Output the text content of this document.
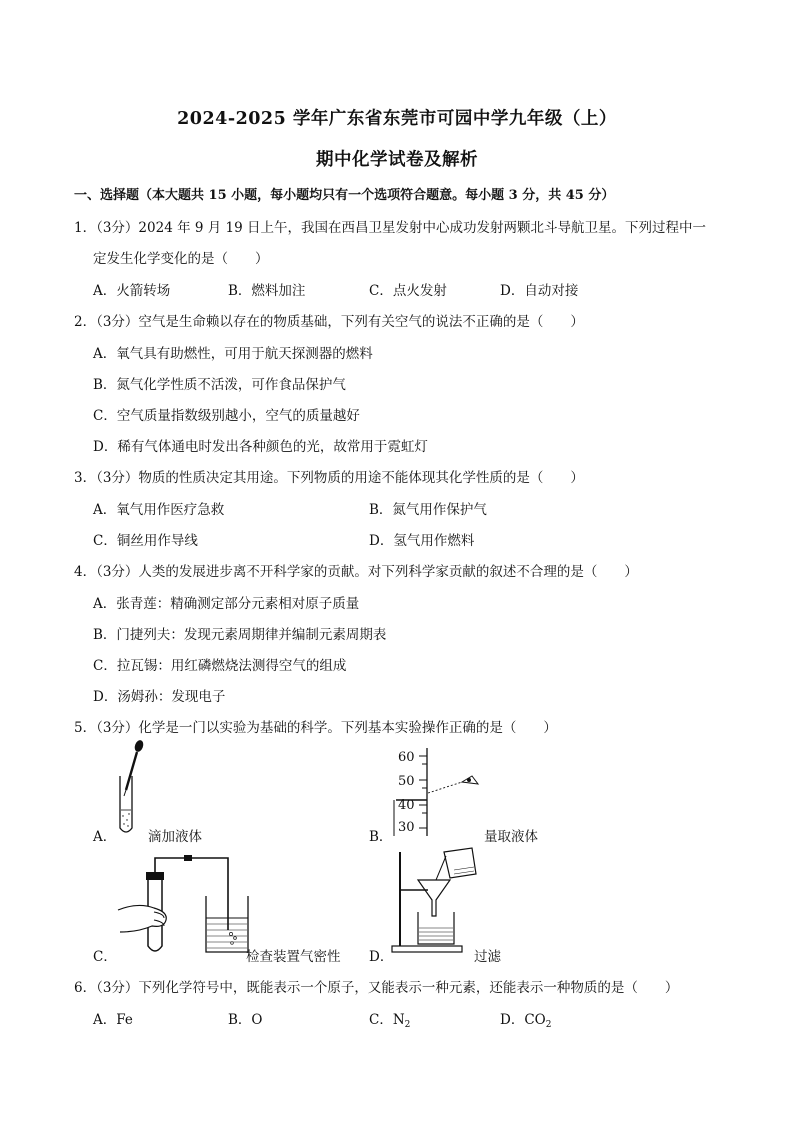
2024-2025 学年广东省东莞市可园中学九年级（上）
期中化学试卷及解析
一、选择题（本大题共 15 小题，每小题均只有一个选项符合题意。每小题 3 分，共 45 分）
1．（3分）2024 年 9 月 19 日上午，我国在西昌卫星发射中心成功发射两颗北斗导航卫星。下列过程中一
定发生化学变化的是（　　）
A．火箭转场	B．燃料加注	C．点火发射	D．自动对接
2．（3分）空气是生命赖以存在的物质基础，下列有关空气的说法不正确的是（　　）
A．氧气具有助燃性，可用于航天探测器的燃料
B．氮气化学性质不活泼，可作食品保护气
C．空气质量指数级别越小，空气的质量越好
D．稀有气体通电时发出各种颜色的光，故常用于霓虹灯
3．（3分）物质的性质决定其用途。下列物质的用途不能体现其化学性质的是（　　）
A．氧气用作医疗急救	B．氮气用作保护气
C．铜丝用作导线	D．氢气用作燃料
4．（3分）人类的发展进步离不开科学家的贡献。对下列科学家贡献的叙述不合理的是（　　）
A．张青莲：精确测定部分元素相对原子质量
B．门捷列夫：发现元素周期律并编制元素周期表
C．拉瓦锡：用红磷燃烧法测得空气的组成
D．汤姆孙：发现电子
5．（3分）化学是一门以实验为基础的科学。下列基本实验操作正确的是（　　）
A． 滴加液体
60
50
40
30
B．	量取液体
C．	检查装置气密性 D．	过滤
6．（3分）下列化学符号中，既能表示一个原子，又能表示一种元素，还能表示一种物质的是（　　）
A．Fe	B．O	C．$N_2$	D．$CO_2$
